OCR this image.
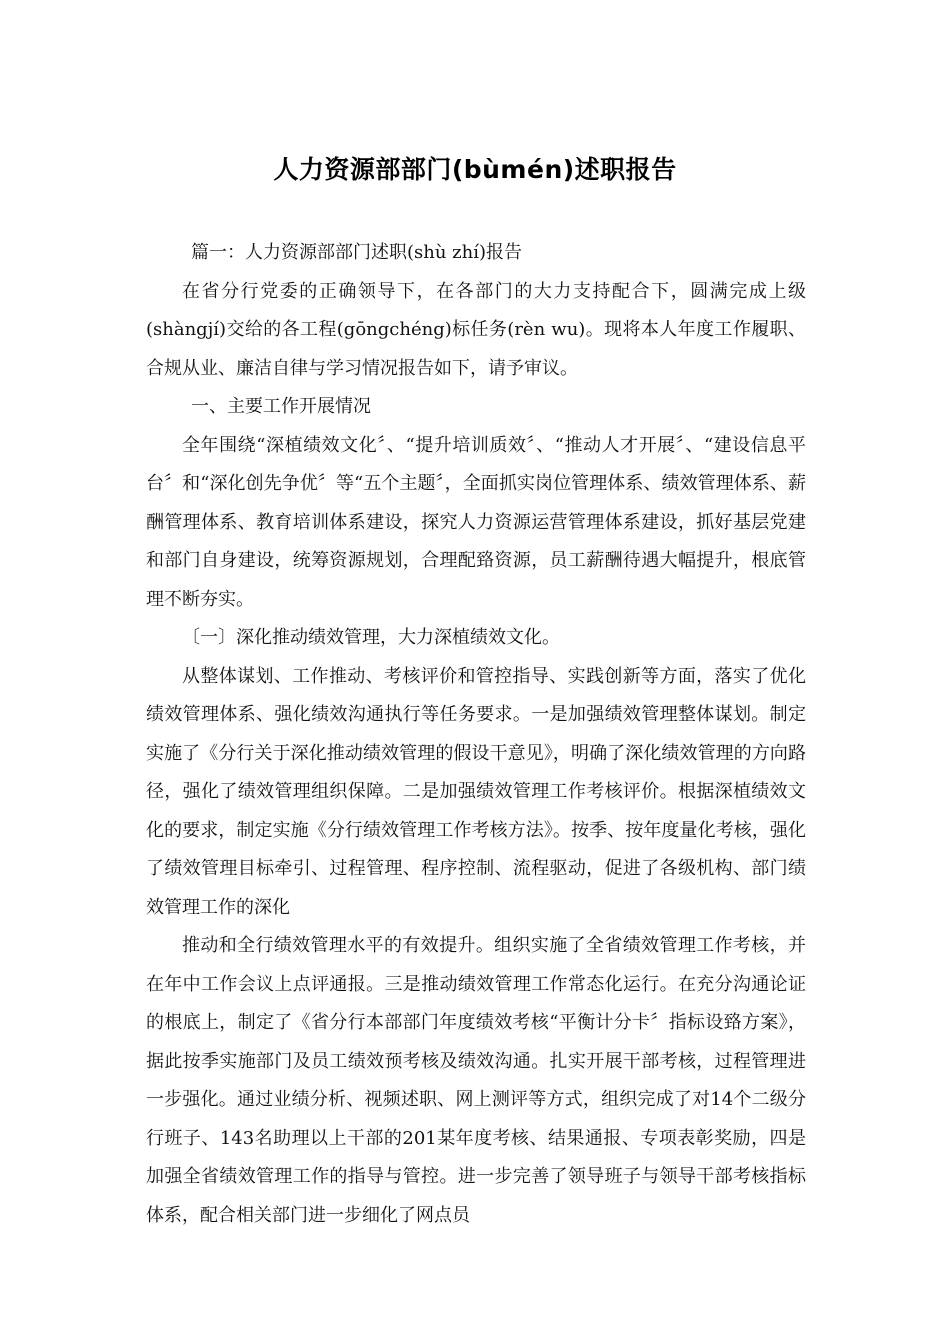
人力资源部部门(bùmén)述职报告

篇一：人力资源部部门述职(shù zhí)报告

在省分行党委的正确领导下，在各部门的大力支持配合下，圆满完成上级(shàngjí)交给的各工程(gōngchéng)标任务(rèn wu)。现将本人年度工作履职、合规从业、廉洁自律与学习情况报告如下，请予审议。

一、主要工作开展情况

全年围绕“深植绩效文化〞、“提升培训质效〞、“推动人才开展〞、“建设信息平台〞和“深化创先争优〞等“五个主题〞，全面抓实岗位管理体系、绩效管理体系、薪酬管理体系、教育培训体系建设，探究人力资源运营管理体系建设，抓好基层党建和部门自身建设，统筹资源规划，合理配臵资源，员工薪酬待遇大幅提升，根底管理不断夯实。

〔一〕深化推动绩效管理，大力深植绩效文化。

从整体谋划、工作推动、考核评价和管控指导、实践创新等方面，落实了优化绩效管理体系、强化绩效沟通执行等任务要求。一是加强绩效管理整体谋划。制定实施了《分行关于深化推动绩效管理的假设干意见》，明确了深化绩效管理的方向路径，强化了绩效管理组织保障。二是加强绩效管理工作考核评价。根据深植绩效文化的要求，制定实施《分行绩效管理工作考核方法》。按季、按年度量化考核，强化了绩效管理目标牵引、过程管理、程序控制、流程驱动，促进了各级机构、部门绩效管理工作的深化

推动和全行绩效管理水平的有效提升。组织实施了全省绩效管理工作考核，并在年中工作会议上点评通报。三是推动绩效管理工作常态化运行。在充分沟通论证的根底上，制定了《省分行本部部门年度绩效考核“平衡计分卡〞指标设臵方案》，据此按季实施部门及员工绩效预考核及绩效沟通。扎实开展干部考核，过程管理进一步强化。通过业绩分析、视频述职、网上测评等方式，组织完成了对14个二级分行班子、143名助理以上干部的201某年度考核、结果通报、专项表彰奖励，四是加强全省绩效管理工作的指导与管控。进一步完善了领导班子与领导干部考核指标体系，配合相关部门进一步细化了网点员
